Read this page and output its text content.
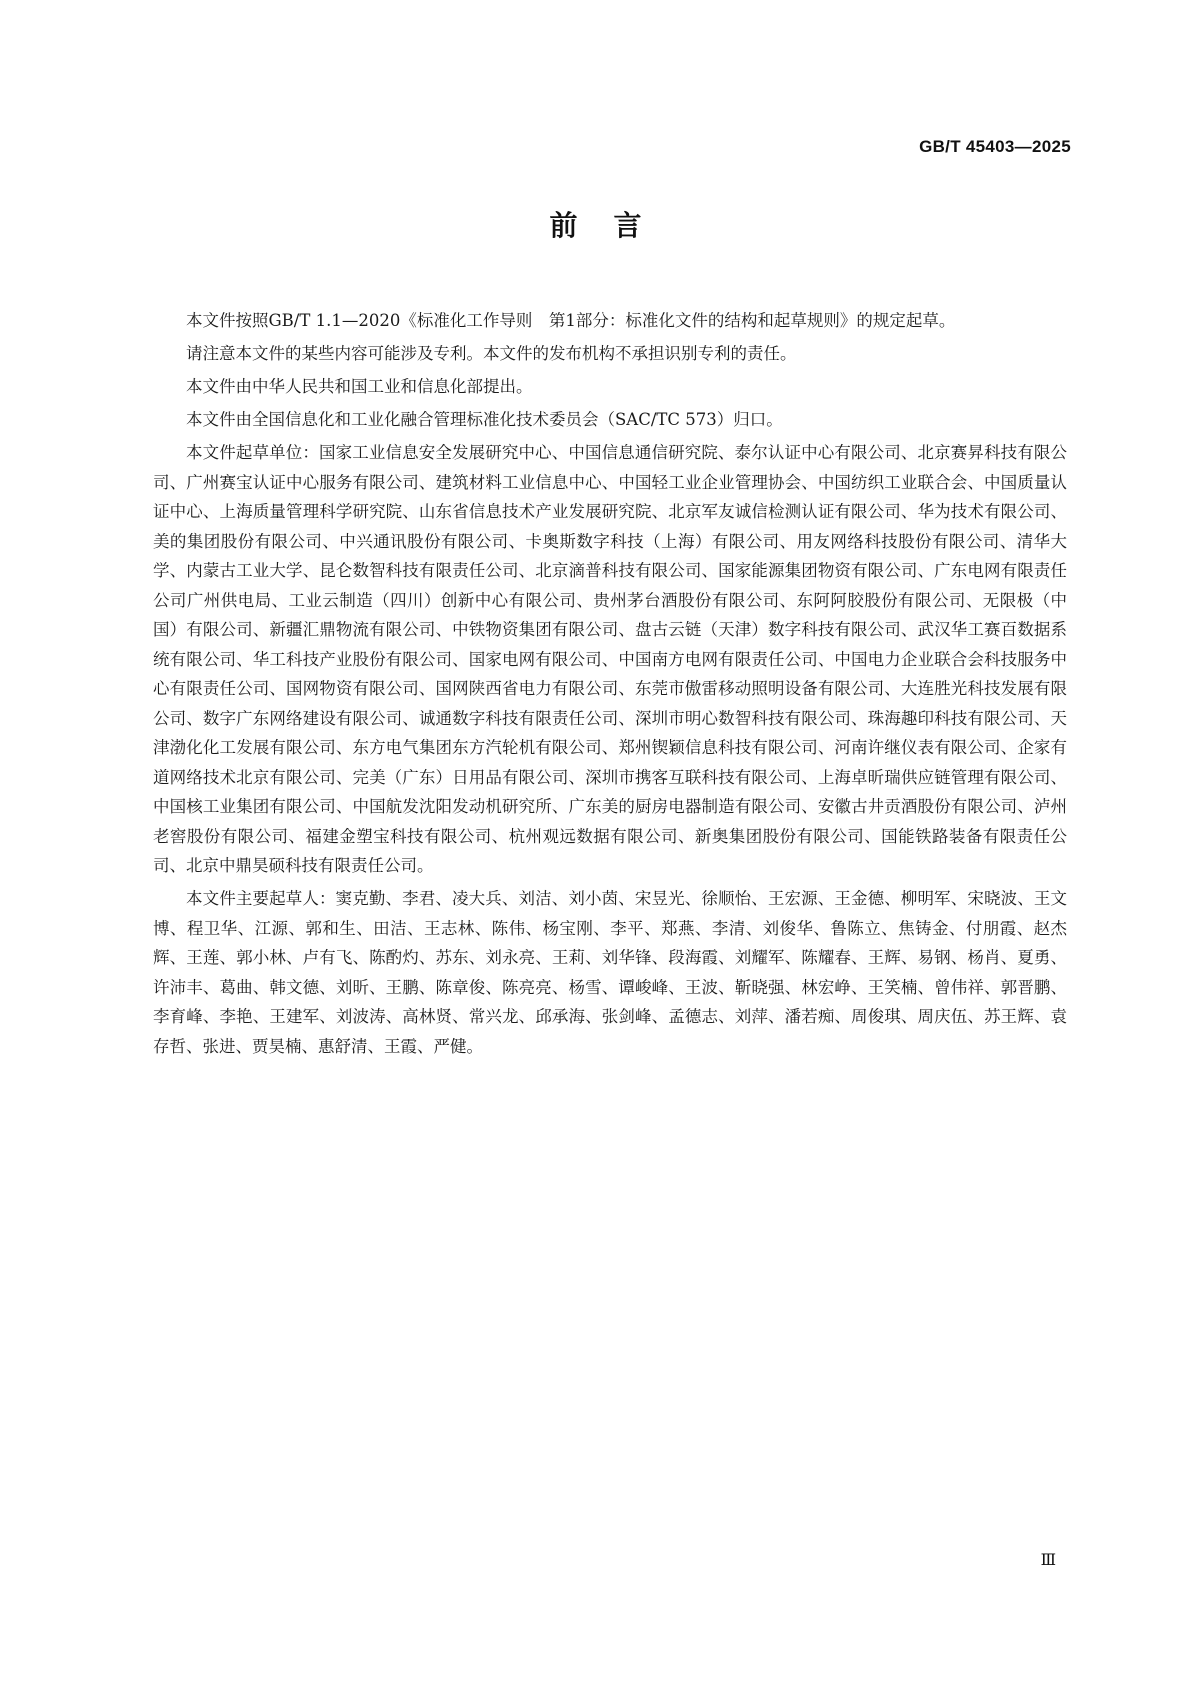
GB/T 45403—2025
前言

本文件按照GB/T 1.1—2020《标准化工作导则　第1部分：标准化文件的结构和起草规则》的规定起草。

请注意本文件的某些内容可能涉及专利。本文件的发布机构不承担识别专利的责任。

本文件由中华人民共和国工业和信息化部提出。

本文件由全国信息化和工业化融合管理标准化技术委员会（SAC/TC 573）归口。

本文件起草单位：国家工业信息安全发展研究中心、中国信息通信研究院、泰尔认证中心有限公司、北京赛昇科技有限公司、广州赛宝认证中心服务有限公司、建筑材料工业信息中心、中国轻工业企业管理协会、中国纺织工业联合会、中国质量认证中心、上海质量管理科学研究院、山东省信息技术产业发展研究院、北京军友诚信检测认证有限公司、华为技术有限公司、美的集团股份有限公司、中兴通讯股份有限公司、卡奥斯数字科技（上海）有限公司、用友网络科技股份有限公司、清华大学、内蒙古工业大学、昆仑数智科技有限责任公司、北京滴普科技有限公司、国家能源集团物资有限公司、广东电网有限责任公司广州供电局、工业云制造（四川）创新中心有限公司、贵州茅台酒股份有限公司、东阿阿胶股份有限公司、无限极（中国）有限公司、新疆汇鼎物流有限公司、中铁物资集团有限公司、盘古云链（天津）数字科技有限公司、武汉华工赛百数据系统有限公司、华工科技产业股份有限公司、国家电网有限公司、中国南方电网有限责任公司、中国电力企业联合会科技服务中心有限责任公司、国网物资有限公司、国网陕西省电力有限公司、东莞市傲雷移动照明设备有限公司、大连胜光科技发展有限公司、数字广东网络建设有限公司、诚通数字科技有限责任公司、深圳市明心数智科技有限公司、珠海趣印科技有限公司、天津渤化化工发展有限公司、东方电气集团东方汽轮机有限公司、郑州锲颖信息科技有限公司、河南许继仪表有限公司、企家有道网络技术北京有限公司、完美（广东）日用品有限公司、深圳市携客互联科技有限公司、上海卓昕瑞供应链管理有限公司、中国核工业集团有限公司、中国航发沈阳发动机研究所、广东美的厨房电器制造有限公司、安徽古井贡酒股份有限公司、泸州老窖股份有限公司、福建金塑宝科技有限公司、杭州观远数据有限公司、新奥集团股份有限公司、国能铁路装备有限责任公司、北京中鼎昊硕科技有限责任公司。

本文件主要起草人：窦克勤、李君、凌大兵、刘洁、刘小茵、宋昱光、徐顺怡、王宏源、王金德、柳明军、宋晓波、王文博、程卫华、江源、郭和生、田洁、王志林、陈伟、杨宝刚、李平、郑燕、李清、刘俊华、鲁陈立、焦铸金、付朋霞、赵杰辉、王莲、郭小林、卢有飞、陈酌灼、苏东、刘永亮、王莉、刘华锋、段海霞、刘耀军、陈耀春、王辉、易钢、杨肖、夏勇、许沛丰、葛曲、韩文德、刘昕、王鹏、陈章俊、陈亮亮、杨雪、谭峻峰、王波、靳晓强、林宏峥、王笑楠、曾伟祥、郭晋鹏、李育峰、李艳、王建军、刘波涛、高林贤、常兴龙、邱承海、张剑峰、孟德志、刘萍、潘若痴、周俊琪、周庆伍、苏王辉、袁存哲、张进、贾昊楠、惠舒清、王霞、严健。

Ⅲ
